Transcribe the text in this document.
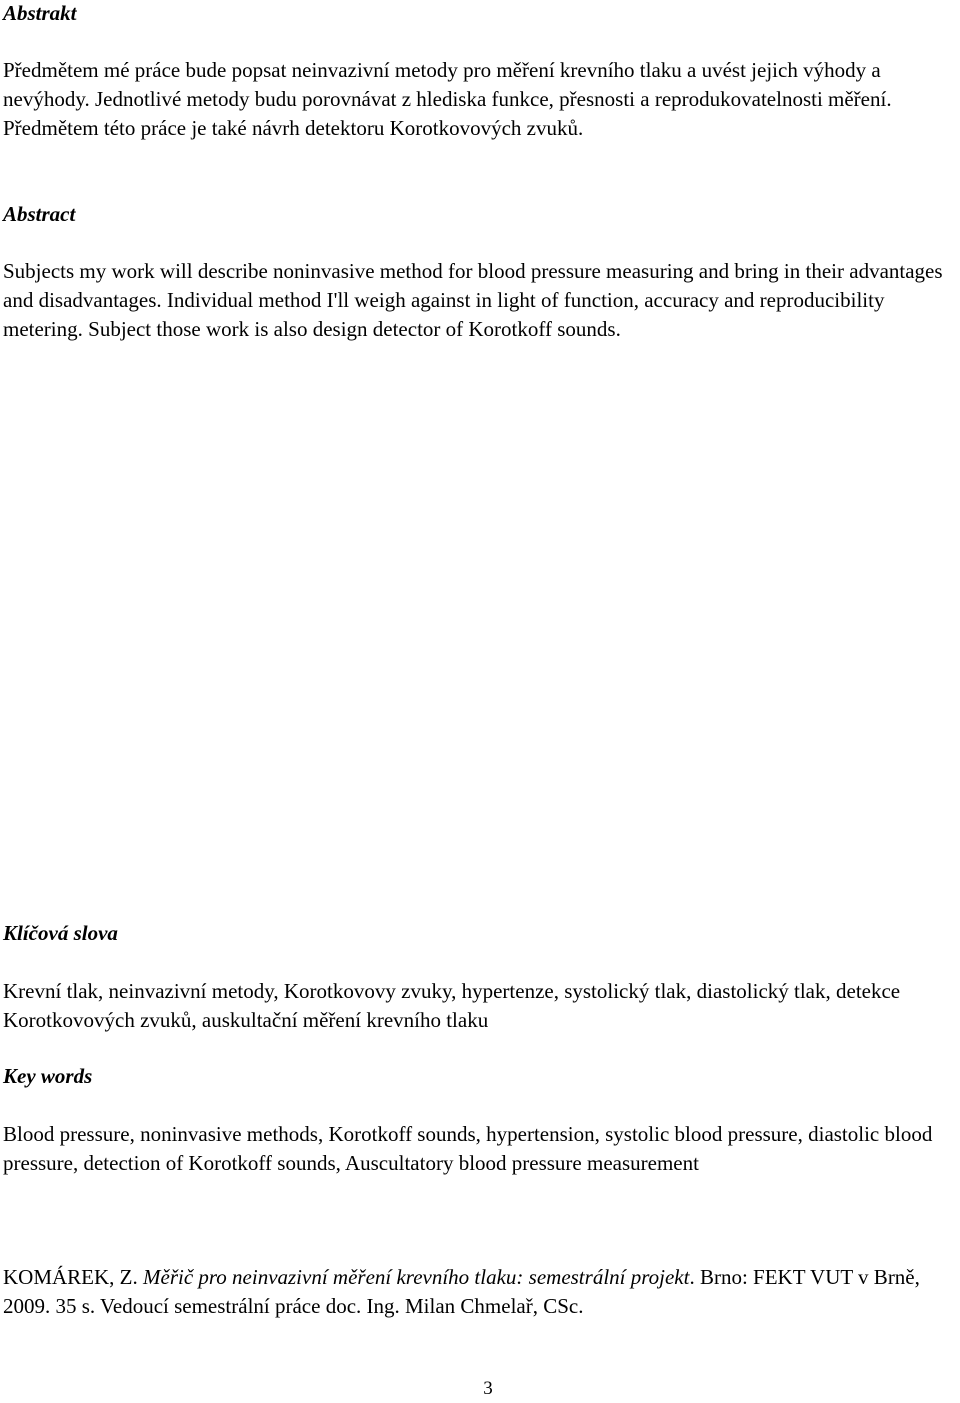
Abstrakt

Předmětem mé práce bude popsat neinvazivní metody pro měření krevního tlaku a uvést jejich výhody a nevýhody. Jednotlivé metody budu porovnávat z hlediska funkce, přesnosti a reprodukovatelnosti měření. Předmětem této práce je také návrh detektoru Korotkovových zvuků.

Abstract

Subjects my work will describe noninvasive method for blood pressure measuring and bring in their advantages and disadvantages. Individual method I'll weigh against in light of function, accuracy and reproducibility metering. Subject those work is also design detector of Korotkoff sounds.

Klíčová slova

Krevní tlak, neinvazivní metody, Korotkovovy zvuky, hypertenze, systolický tlak, diastolický tlak, detekce Korotkovových zvuků, auskultační měření krevního tlaku

Key words

Blood pressure, noninvasive methods, Korotkoff sounds, hypertension, systolic blood pressure, diastolic blood pressure, detection of Korotkoff sounds, Auscultatory blood pressure measurement

KOMÁREK, Z. Měřič pro neinvazivní měření krevního tlaku: semestrální projekt. Brno: FEKT VUT v Brně, 2009. 35 s. Vedoucí semestrální práce doc. Ing. Milan Chmelař, CSc.

3
